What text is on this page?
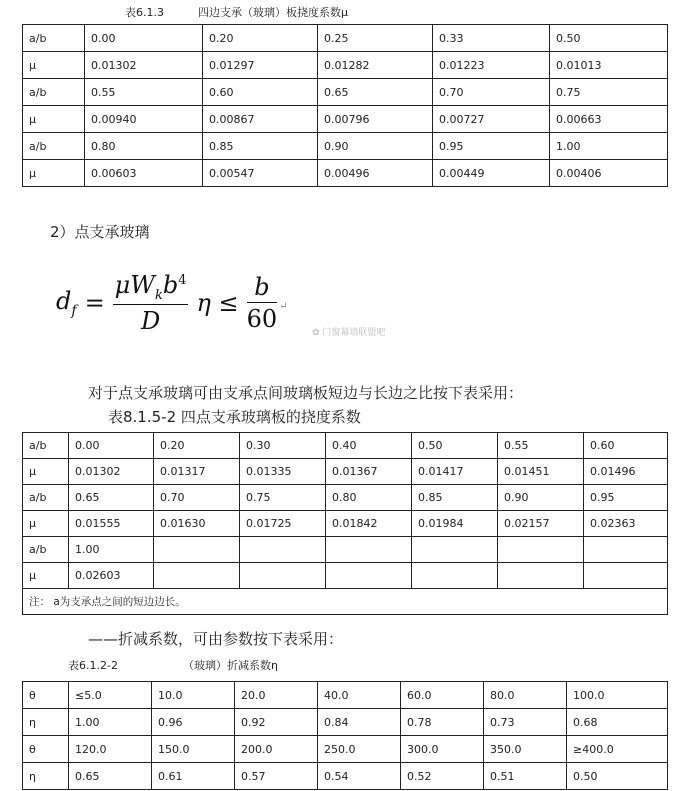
表6.1.3	四边支承（玻璃）板挠度系数μ
a/b	0.00	0.20	0.25	0.33	0.50
μ	0.01302	0.01297	0.01282	0.01223	0.01013
a/b	0.55	0.60	0.65	0.70	0.75
μ	0.00940	0.00867	0.00796	0.00727	0.00663
a/b	0.80	0.85	0.90	0.95	1.00
μ	0.00603	0.00547	0.00496	0.00449	0.00406
2）点支承玻璃
$d_f = \frac{\mu W_kb^4}{D}$ $\eta \le \frac{b}{60}$ ↵
✿ 门窗幕墙联盟吧
对于点支承玻璃可由支承点间玻璃板短边与长边之比按下表采用：
表8.1.5-2 四点支承玻璃板的挠度系数
a/b	0.00	0.20	0.30	0.40	0.50	0.55	0.60
μ	0.01302	0.01317	0.01335	0.01367	0.01417	0.01451	0.01496
a/b	0.65	0.70	0.75	0.80	0.85	0.90	0.95
μ	0.01555	0.01630	0.01725	0.01842	0.01984	0.02157	0.02363
a/b	1.00						
μ	0.02603						
注： a为支承点之间的短边边长。							
——折减系数，可由参数按下表采用：
表6.1.2-2	（玻璃）折减系数η
θ	≤5.0	10.0	20.0	40.0	60.0	80.0	100.0
η	1.00	0.96	0.92	0.84	0.78	0.73	0.68
θ	120.0	150.0	200.0	250.0	300.0	350.0	≥400.0
η	0.65	0.61	0.57	0.54	0.52	0.51	0.50
